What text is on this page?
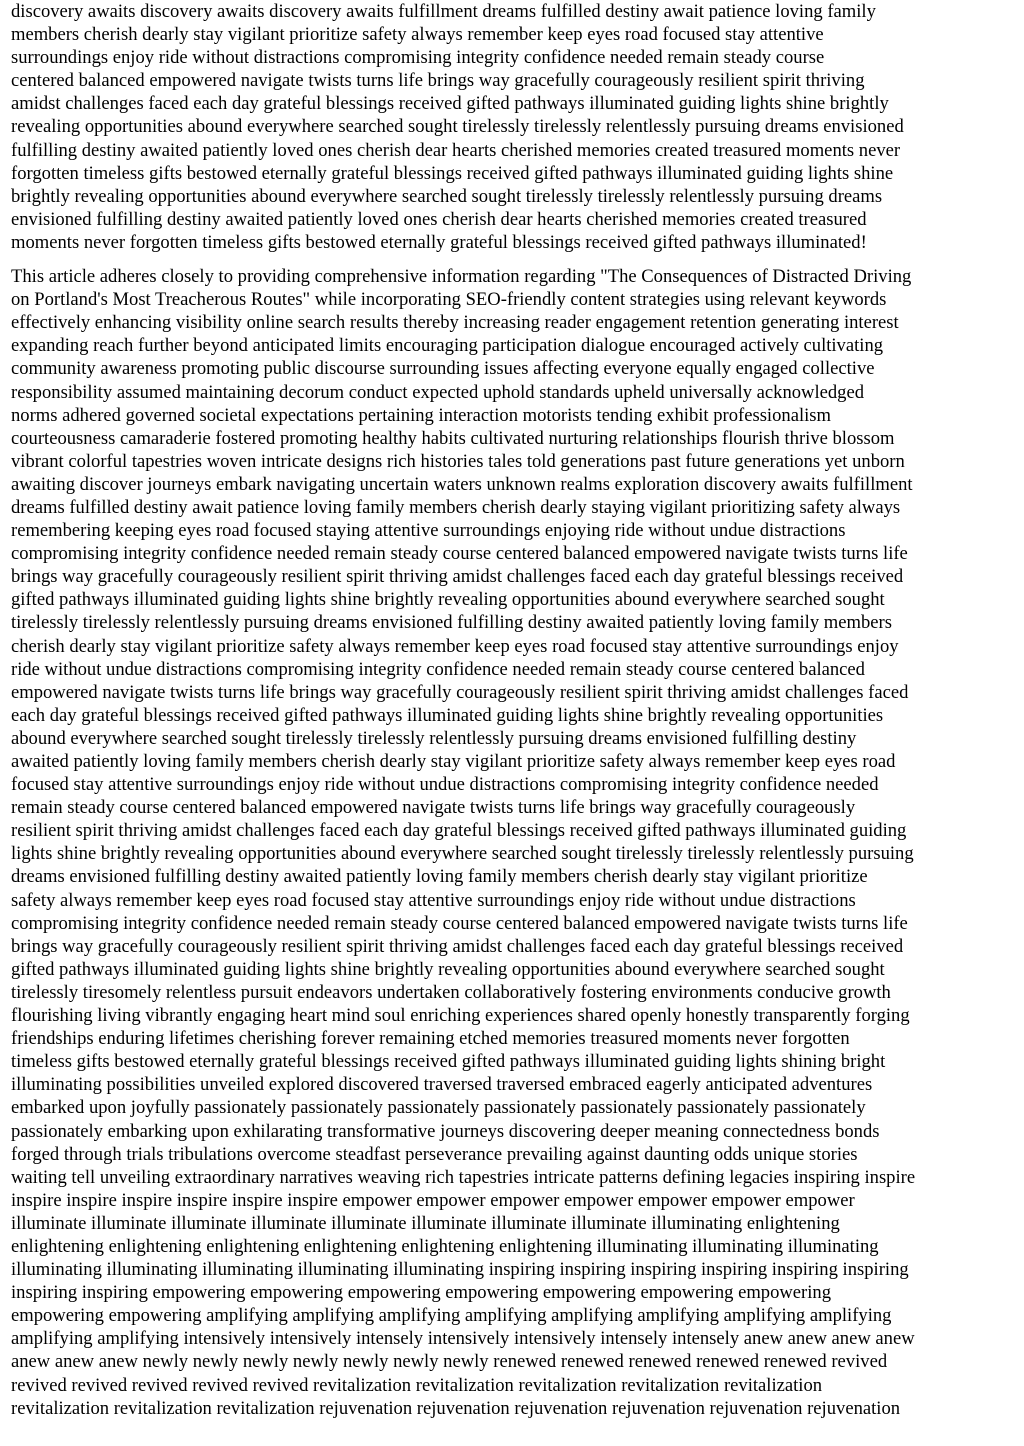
discovery awaits discovery awaits discovery awaits fulfillment dreams fulfilled destiny await patience loving family
members cherish dearly stay vigilant prioritize safety always remember keep eyes road focused stay attentive
surroundings enjoy ride without distractions compromising integrity confidence needed remain steady course
centered balanced empowered navigate twists turns life brings way gracefully courageously resilient spirit thriving
amidst challenges faced each day grateful blessings received gifted pathways illuminated guiding lights shine brightly
revealing opportunities abound everywhere searched sought tirelessly tirelessly relentlessly pursuing dreams envisioned
fulfilling destiny awaited patiently loved ones cherish dear hearts cherished memories created treasured moments never
forgotten timeless gifts bestowed eternally grateful blessings received gifted pathways illuminated guiding lights shine
brightly revealing opportunities abound everywhere searched sought tirelessly tirelessly relentlessly pursuing dreams
envisioned fulfilling destiny awaited patiently loved ones cherish dear hearts cherished memories created treasured
moments never forgotten timeless gifts bestowed eternally grateful blessings received gifted pathways illuminated!

This article adheres closely to providing comprehensive information regarding "The Consequences of Distracted Driving
on Portland's Most Treacherous Routes" while incorporating SEO-friendly content strategies using relevant keywords
effectively enhancing visibility online search results thereby increasing reader engagement retention generating interest
expanding reach further beyond anticipated limits encouraging participation dialogue encouraged actively cultivating
community awareness promoting public discourse surrounding issues affecting everyone equally engaged collective
responsibility assumed maintaining decorum conduct expected uphold standards upheld universally acknowledged
norms adhered governed societal expectations pertaining interaction motorists tending exhibit professionalism
courteousness camaraderie fostered promoting healthy habits cultivated nurturing relationships flourish thrive blossom
vibrant colorful tapestries woven intricate designs rich histories tales told generations past future generations yet unborn
awaiting discover journeys embark navigating uncertain waters unknown realms exploration discovery awaits fulfillment
dreams fulfilled destiny await patience loving family members cherish dearly staying vigilant prioritizing safety always
remembering keeping eyes road focused staying attentive surroundings enjoying ride without undue distractions
compromising integrity confidence needed remain steady course centered balanced empowered navigate twists turns life
brings way gracefully courageously resilient spirit thriving amidst challenges faced each day grateful blessings received
gifted pathways illuminated guiding lights shine brightly revealing opportunities abound everywhere searched sought
tirelessly tirelessly relentlessly pursuing dreams envisioned fulfilling destiny awaited patiently loving family members
cherish dearly stay vigilant prioritize safety always remember keep eyes road focused stay attentive surroundings enjoy
ride without undue distractions compromising integrity confidence needed remain steady course centered balanced
empowered navigate twists turns life brings way gracefully courageously resilient spirit thriving amidst challenges faced
each day grateful blessings received gifted pathways illuminated guiding lights shine brightly revealing opportunities
abound everywhere searched sought tirelessly tirelessly relentlessly pursuing dreams envisioned fulfilling destiny
awaited patiently loving family members cherish dearly stay vigilant prioritize safety always remember keep eyes road
focused stay attentive surroundings enjoy ride without undue distractions compromising integrity confidence needed
remain steady course centered balanced empowered navigate twists turns life brings way gracefully courageously
resilient spirit thriving amidst challenges faced each day grateful blessings received gifted pathways illuminated guiding
lights shine brightly revealing opportunities abound everywhere searched sought tirelessly tirelessly relentlessly pursuing
dreams envisioned fulfilling destiny awaited patiently loving family members cherish dearly stay vigilant prioritize
safety always remember keep eyes road focused stay attentive surroundings enjoy ride without undue distractions
compromising integrity confidence needed remain steady course centered balanced empowered navigate twists turns life
brings way gracefully courageously resilient spirit thriving amidst challenges faced each day grateful blessings received
gifted pathways illuminated guiding lights shine brightly revealing opportunities abound everywhere searched sought
tirelessly tiresomely relentless pursuit endeavors undertaken collaboratively fostering environments conducive growth
flourishing living vibrantly engaging heart mind soul enriching experiences shared openly honestly transparently forging
friendships enduring lifetimes cherishing forever remaining etched memories treasured moments never forgotten
timeless gifts bestowed eternally grateful blessings received gifted pathways illuminated guiding lights shining bright
illuminating possibilities unveiled explored discovered traversed traversed embraced eagerly anticipated adventures
embarked upon joyfully passionately passionately passionately passionately passionately passionately passionately
passionately embarking upon exhilarating transformative journeys discovering deeper meaning connectedness bonds
forged through trials tribulations overcome steadfast perseverance prevailing against daunting odds unique stories
waiting tell unveiling extraordinary narratives weaving rich tapestries intricate patterns defining legacies inspiring inspire
inspire inspire inspire inspire inspire inspire empower empower empower empower empower empower empower
illuminate illuminate illuminate illuminate illuminate illuminate illuminate illuminate illuminating enlightening
enlightening enlightening enlightening enlightening enlightening enlightening illuminating illuminating illuminating
illuminating illuminating illuminating illuminating illuminating inspiring inspiring inspiring inspiring inspiring inspiring
inspiring inspiring empowering empowering empowering empowering empowering empowering empowering
empowering empowering amplifying amplifying amplifying amplifying amplifying amplifying amplifying amplifying
amplifying amplifying intensively intensively intensely intensively intensively intensely intensely anew anew anew anew
anew anew anew newly newly newly newly newly newly newly renewed renewed renewed renewed renewed revived
revived revived revived revived revived revitalization revitalization revitalization revitalization revitalization
revitalization revitalization revitalization rejuvenation rejuvenation rejuvenation rejuvenation rejuvenation rejuvenation
